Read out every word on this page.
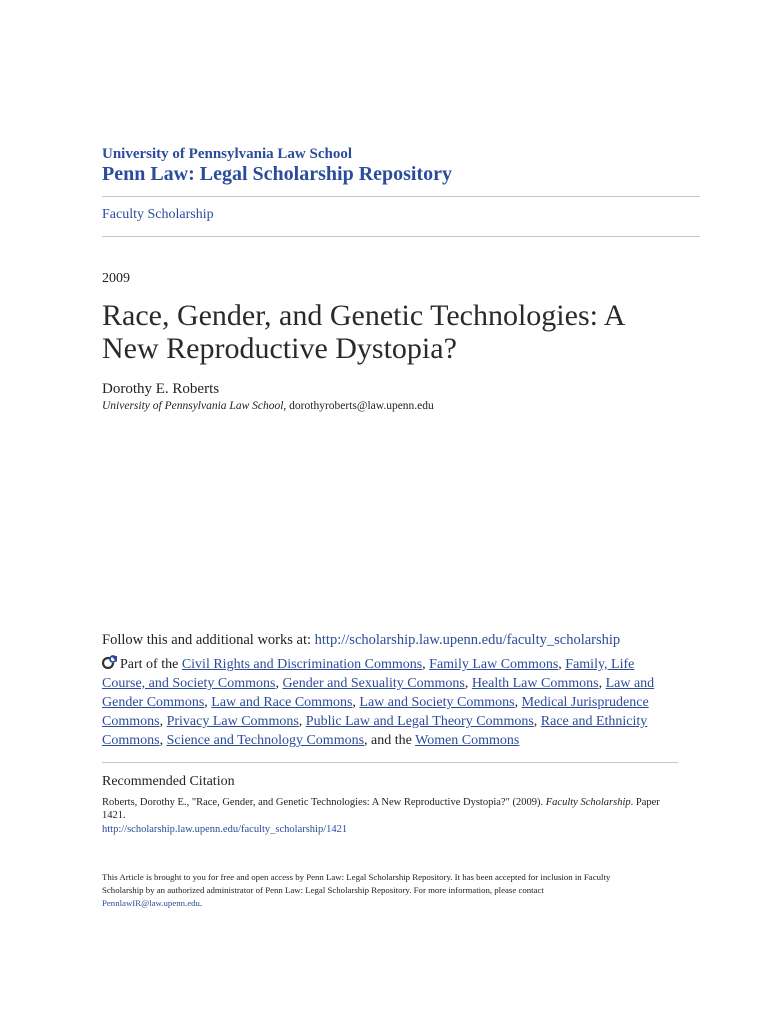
University of Pennsylvania Law School
Penn Law: Legal Scholarship Repository
Faculty Scholarship
2009
Race, Gender, and Genetic Technologies: A New Reproductive Dystopia?
Dorothy E. Roberts
University of Pennsylvania Law School, dorothyroberts@law.upenn.edu
Follow this and additional works at: http://scholarship.law.upenn.edu/faculty_scholarship
Part of the Civil Rights and Discrimination Commons, Family Law Commons, Family, Life Course, and Society Commons, Gender and Sexuality Commons, Health Law Commons, Law and Gender Commons, Law and Race Commons, Law and Society Commons, Medical Jurisprudence Commons, Privacy Law Commons, Public Law and Legal Theory Commons, Race and Ethnicity Commons, Science and Technology Commons, and the Women Commons
Recommended Citation
Roberts, Dorothy E., "Race, Gender, and Genetic Technologies: A New Reproductive Dystopia?" (2009). Faculty Scholarship. Paper 1421.
http://scholarship.law.upenn.edu/faculty_scholarship/1421
This Article is brought to you for free and open access by Penn Law: Legal Scholarship Repository. It has been accepted for inclusion in Faculty Scholarship by an authorized administrator of Penn Law: Legal Scholarship Repository. For more information, please contact PennlawIR@law.upenn.edu.
